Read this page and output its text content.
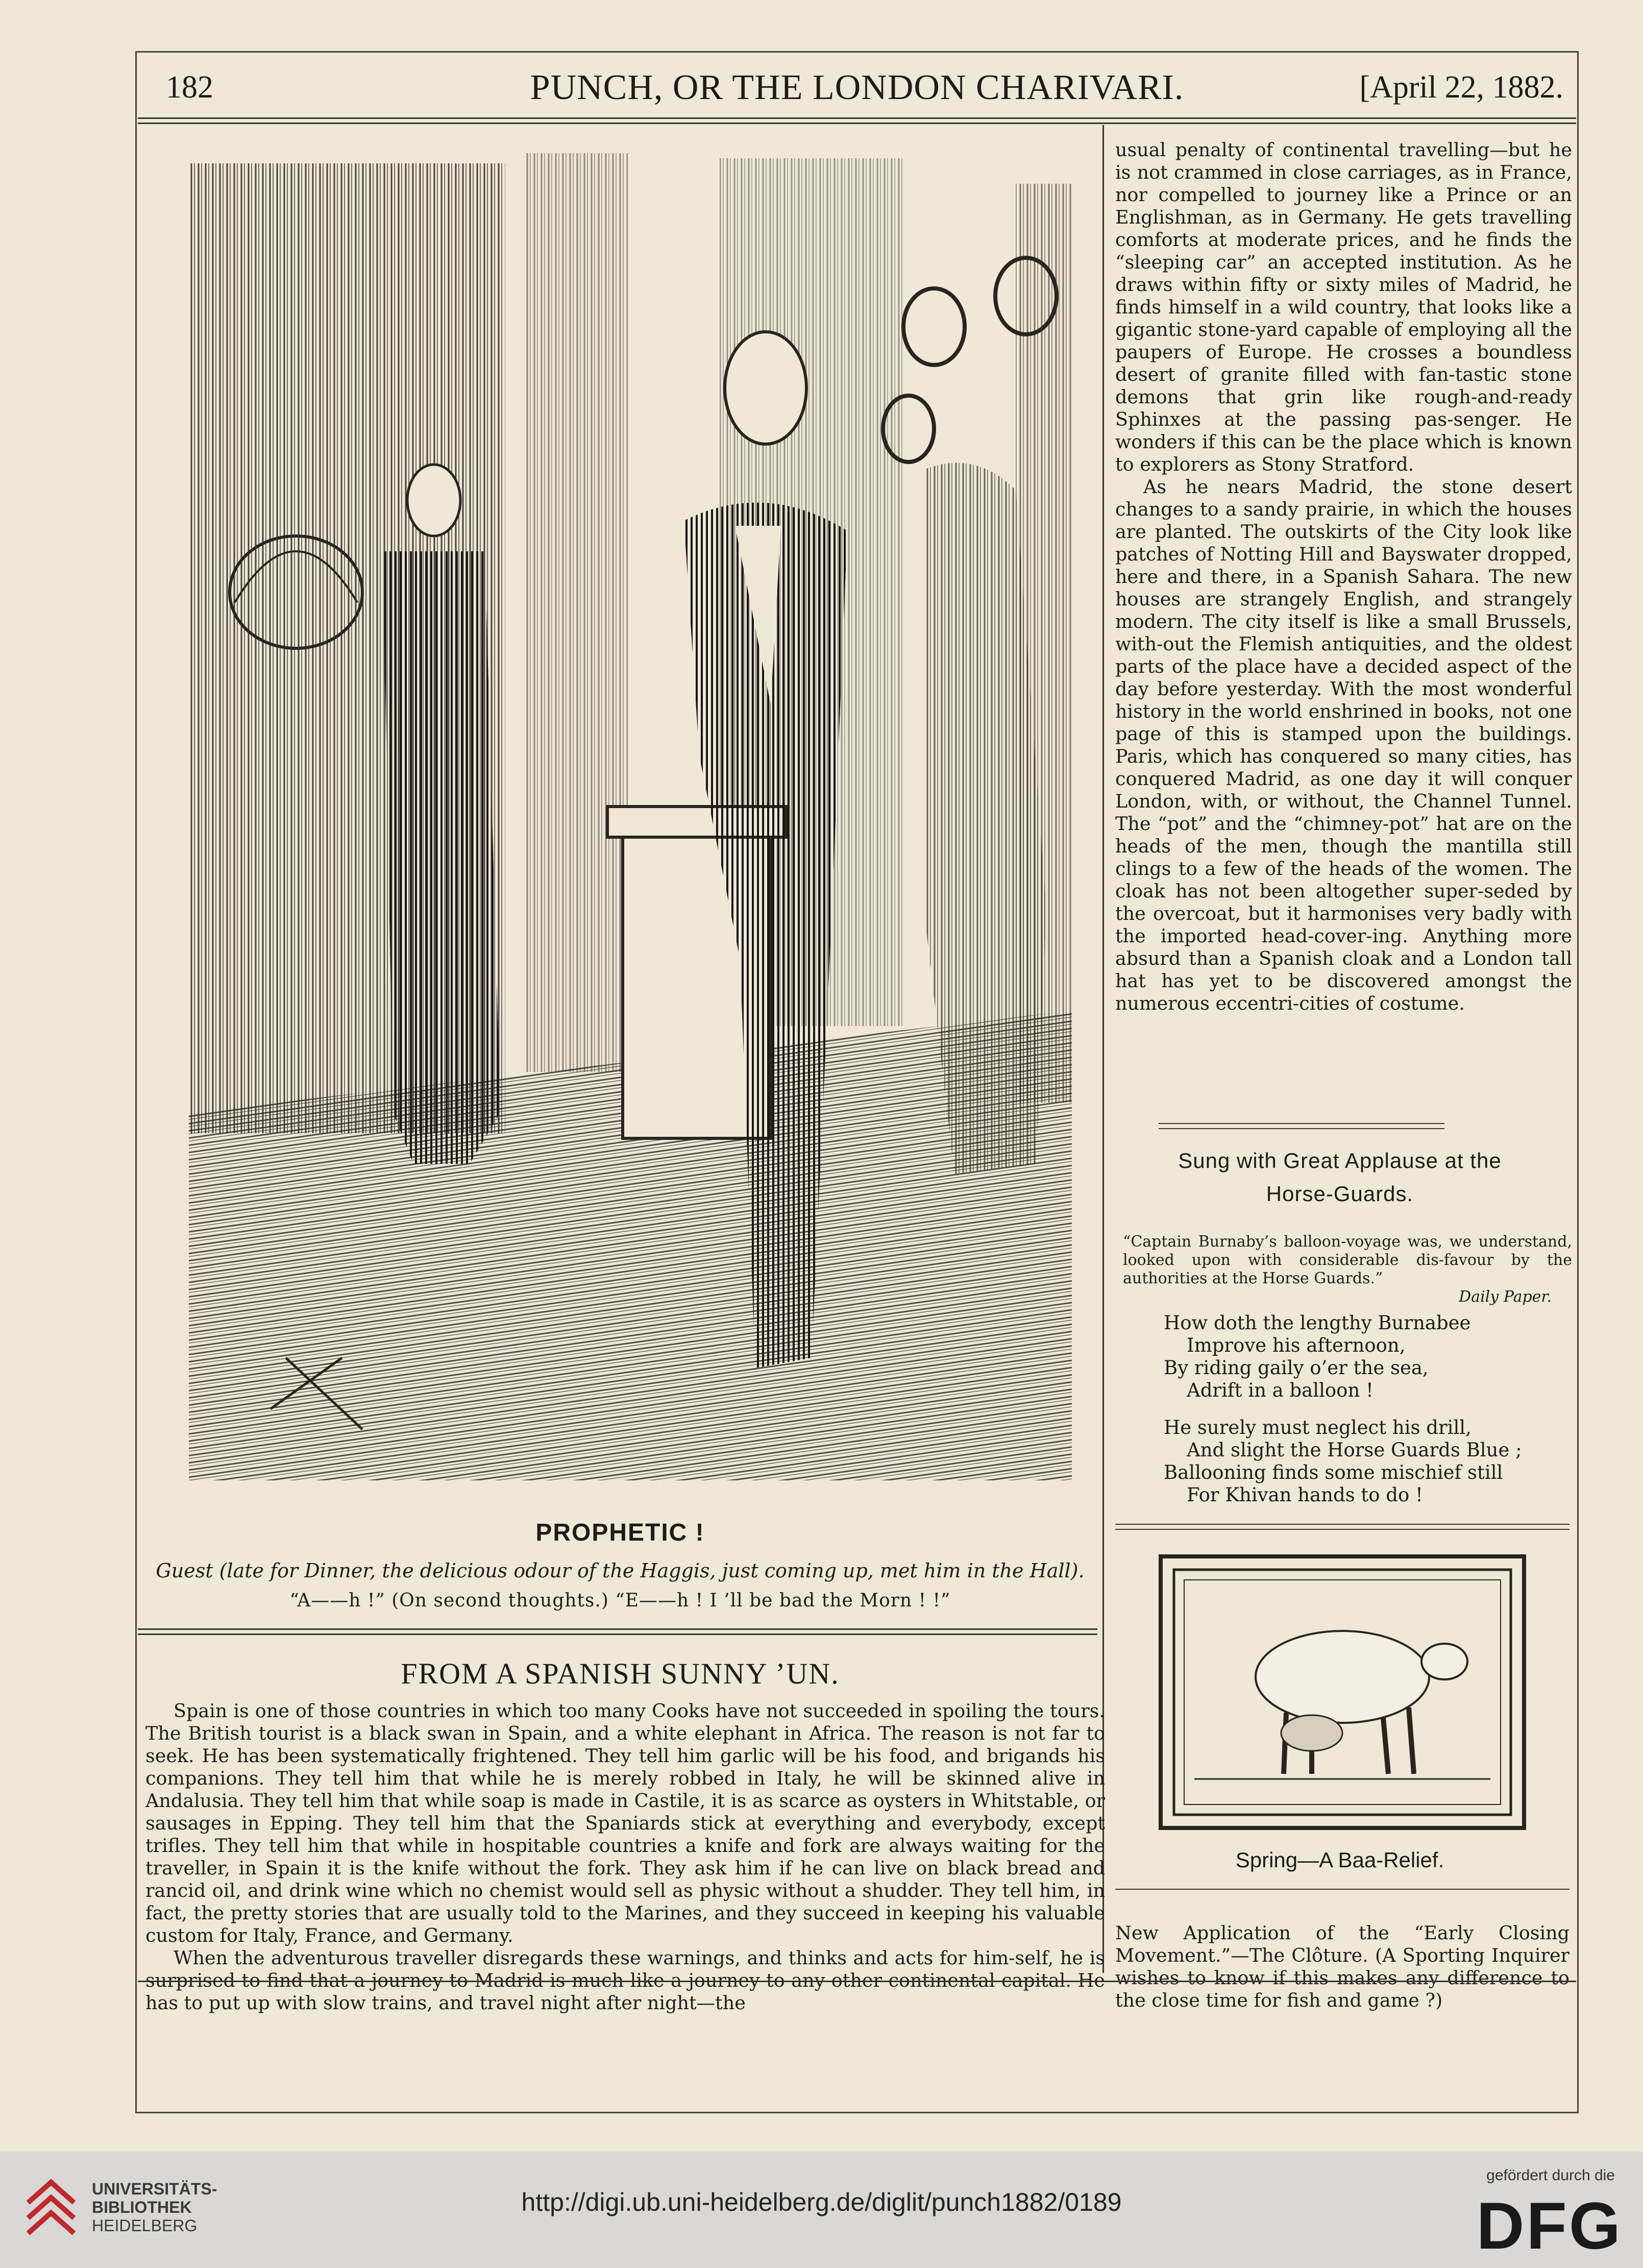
182	PUNCH, OR THE LONDON CHARIVARI.	[April 22, 1882.
PROPHETIC !
Guest (late for Dinner, the delicious odour of the Haggis, just coming up, met him in the Hall).
“A——h !” (On second thoughts.) “E——h ! I ’ll be bad the Morn ! !”
FROM A SPANISH SUNNY ’UN.

Spain is one of those countries in which too many Cooks have not succeeded in spoiling the tours. The British tourist is a black swan in Spain, and a white elephant in Africa. The reason is not far to seek. He has been systematically frightened. They tell him garlic will be his food, and brigands his companions. They tell him that while he is merely robbed in Italy, he will be skinned alive in Andalusia. They tell him that while soap is made in Castile, it is as scarce as oysters in Whitstable, or sausages in Epping. They tell him that the Spaniards stick at everything and everybody, except trifles. They tell him that while in hospitable countries a knife and fork are always waiting for the traveller, in Spain it is the knife without the fork. They ask him if he can live on black bread and rancid oil, and drink wine which no chemist would sell as physic without a shudder. They tell him, in fact, the pretty stories that are usually told to the Marines, and they succeed in keeping his valuable custom for Italy, France, and Germany.

When the adventurous traveller disregards these warnings, and thinks and acts for him-self, he is surprised to find that a journey to Madrid is much like a journey to any other continental capital. He has to put up with slow trains, and travel night after night—the

usual penalty of continental travelling—but he is not crammed in close carriages, as in France, nor compelled to journey like a Prince or an Englishman, as in Germany. He gets travelling comforts at moderate prices, and he finds the “sleeping car” an accepted institution. As he draws within fifty or sixty miles of Madrid, he finds himself in a wild country, that looks like a gigantic stone-yard capable of employing all the paupers of Europe. He crosses a boundless desert of granite filled with fan-tastic stone demons that grin like rough-and-ready Sphinxes at the passing pas-senger. He wonders if this can be the place which is known to explorers as Stony Stratford.

As he nears Madrid, the stone desert changes to a sandy prairie, in which the houses are planted. The outskirts of the City look like patches of Notting Hill and Bayswater dropped, here and there, in a Spanish Sahara. The new houses are strangely English, and strangely modern. The city itself is like a small Brussels, with-out the Flemish antiquities, and the oldest parts of the place have a decided aspect of the day before yesterday. With the most wonderful history in the world enshrined in books, not one page of this is stamped upon the buildings. Paris, which has conquered so many cities, has conquered Madrid, as one day it will conquer London, with, or without, the Channel Tunnel. The “pot” and the “chimney-pot” hat are on the heads of the men, though the mantilla still clings to a few of the heads of the women. The cloak has not been altogether super-seded by the overcoat, but it harmonises very badly with the imported head-cover-ing. Anything more absurd than a Spanish cloak and a London tall hat has yet to be discovered amongst the numerous eccentri-cities of costume.

Sung with Great Applause at the
Horse-Guards.
“Captain Burnaby’s balloon-voyage was, we understand, looked upon with considerable dis-favour by the authorities at the Horse Guards.”
Daily Paper.
How doth the lengthy Burnabee
Improve his afternoon,
By riding gaily o’er the sea,
Adrift in a balloon !
He surely must neglect his drill,
And slight the Horse Guards Blue ;
Ballooning finds some mischief still
For Khivan hands to do !
Spring—A Baa-Relief.
New Application of the “Early Closing Movement.”—The Clôture. (A Sporting Inquirer wishes to know if this makes any difference to the close time for fish and game ?)
UNIVERSITÄTS-
BIBLIOTHEK
HEIDELBERG
http://digi.ub.uni-heidelberg.de/diglit/punch1882/0189
gefördert durch die
DFG
